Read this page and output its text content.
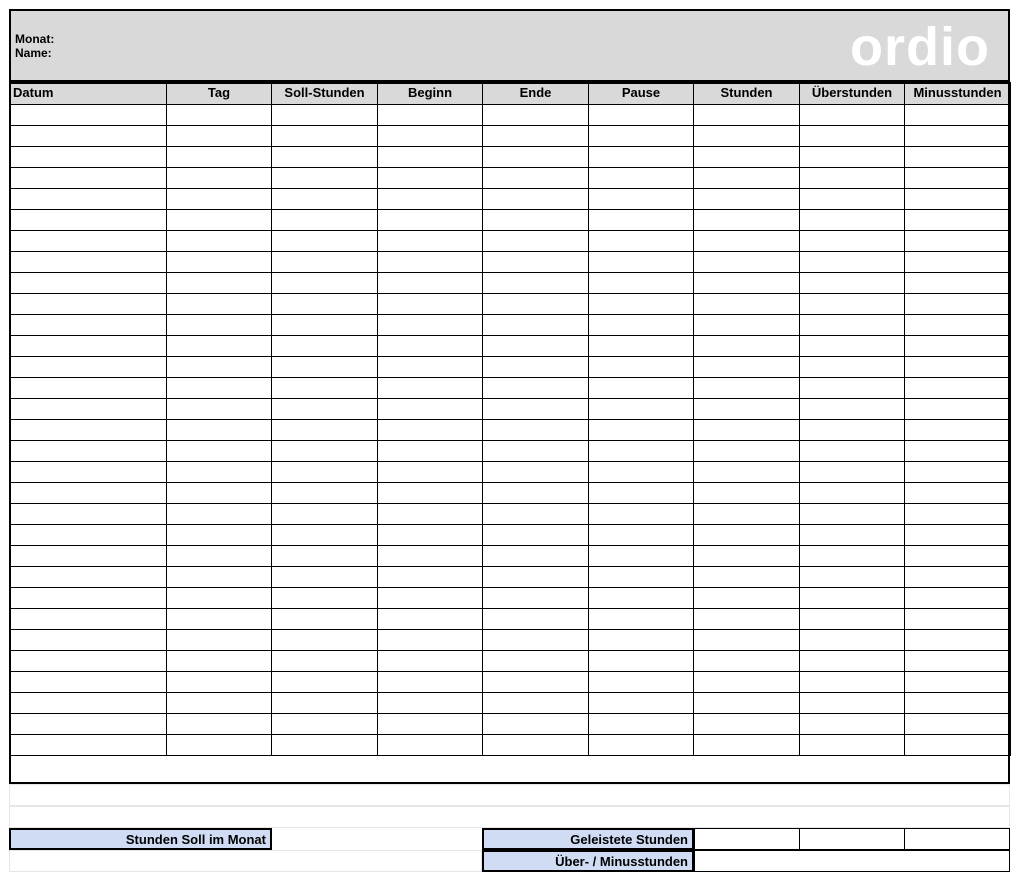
Monat:
Name:	ordio
Datum	Tag	Soll-Stunden	Beginn	Ende	Pause	Stunden	Überstunden	Minusstunden

Stunden Soll im Monat	Geleistete Stunden
Über- / Minusstunden
